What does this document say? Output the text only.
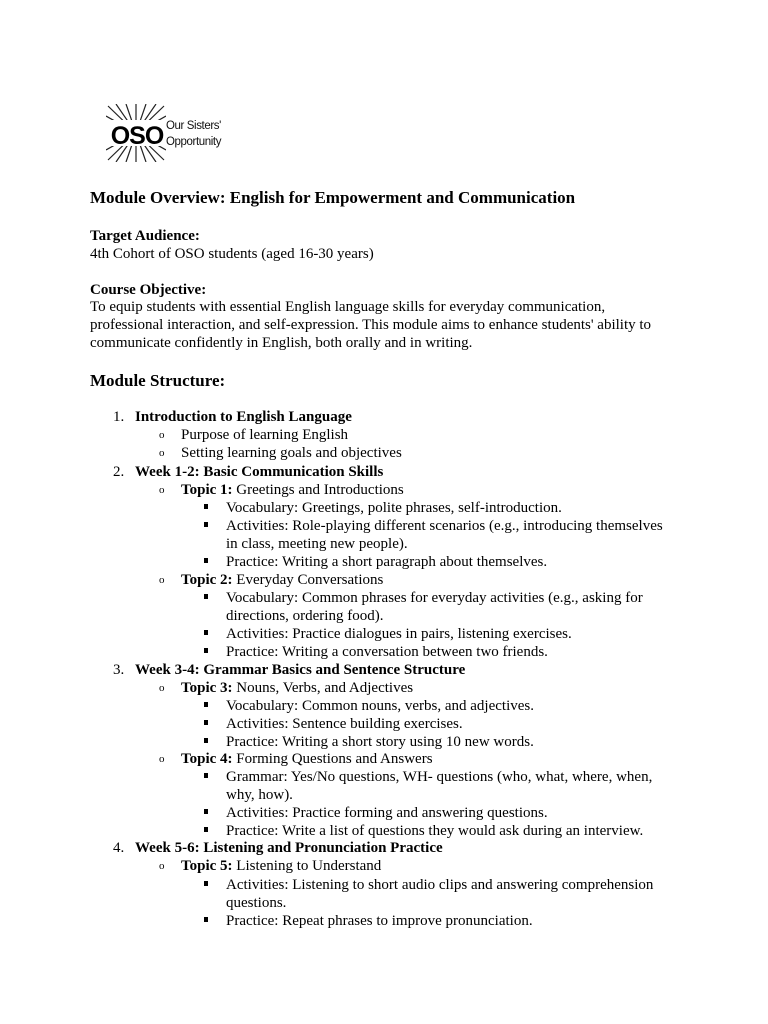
OSO Our Sisters'
Opportunity
Module Overview: English for Empowerment and Communication
Target Audience:
4th Cohort of OSO students (aged 16-30 years)
Course Objective:
To equip students with essential English language skills for everyday communication,
professional interaction, and self-expression. This module aims to enhance students' ability to
communicate confidently in English, both orally and in writing.
Module Structure:
1. Introduction to English Language
o Purpose of learning English
o Setting learning goals and objectives
2. Week 1-2: Basic Communication Skills
o Topic 1: Greetings and Introductions
Vocabulary: Greetings, polite phrases, self-introduction.
Activities: Role-playing different scenarios (e.g., introducing themselves
in class, meeting new people).
Practice: Writing a short paragraph about themselves.
o Topic 2: Everyday Conversations
Vocabulary: Common phrases for everyday activities (e.g., asking for
directions, ordering food).
Activities: Practice dialogues in pairs, listening exercises.
Practice: Writing a conversation between two friends.
3. Week 3-4: Grammar Basics and Sentence Structure
o Topic 3: Nouns, Verbs, and Adjectives
Vocabulary: Common nouns, verbs, and adjectives.
Activities: Sentence building exercises.
Practice: Writing a short story using 10 new words.
o Topic 4: Forming Questions and Answers
Grammar: Yes/No questions, WH- questions (who, what, where, when,
why, how).
Activities: Practice forming and answering questions.
Practice: Write a list of questions they would ask during an interview.
4. Week 5-6: Listening and Pronunciation Practice
o Topic 5: Listening to Understand
Activities: Listening to short audio clips and answering comprehension
questions.
Practice: Repeat phrases to improve pronunciation.
